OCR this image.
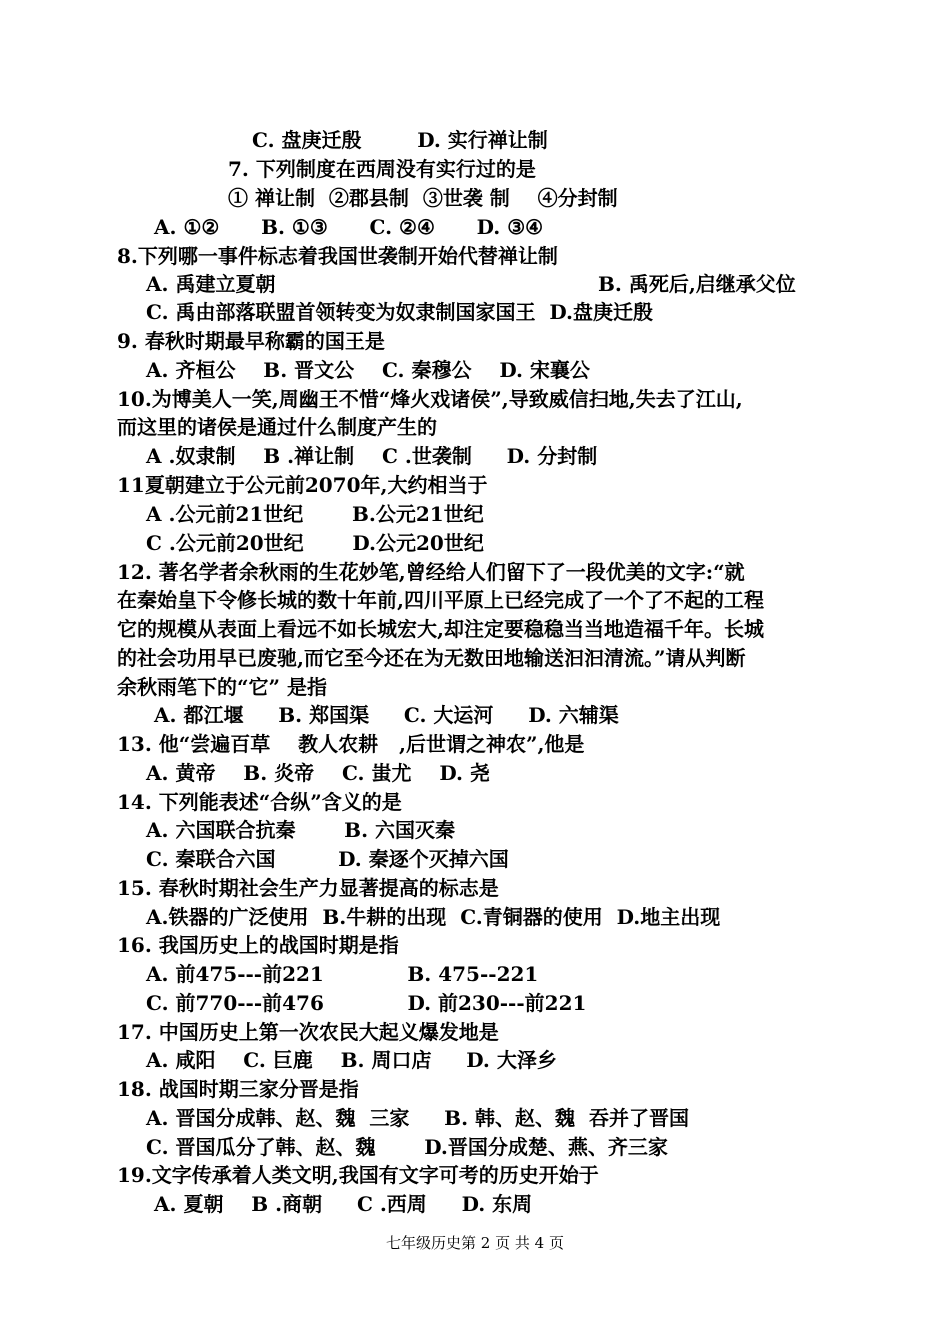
C. 盘庚迁殷        D. 实行禅让制
7. 下列制度在西周没有实行过的是
① 禅让制  ②郡县制  ③世袭 制    ④分封制
A. ①②      B. ①③      C. ②④      D. ③④
8.下列哪一事件标志着我国世袭制开始代替禅让制
A. 禹建立夏朝	B. 禹死后,启继承父位
C. 禹由部落联盟首领转变为奴隶制国家国王  D.盘庚迁殷
9. 春秋时期最早称霸的国王是
A. 齐桓公    B. 晋文公    C. 秦穆公    D. 宋襄公
10.为博美人一笑,周幽王不惜“烽火戏诸侯”,导致威信扫地,失去了江山,
而这里的诸侯是通过什么制度产生的
A .奴隶制    B .禅让制    C .世袭制     D. 分封制
11夏朝建立于公元前2070年,大约相当于
A .公元前21世纪       B.公元21世纪
C .公元前20世纪       D.公元20世纪
12. 著名学者余秋雨的生花妙笔,曾经给人们留下了一段优美的文字:“就
在秦始皇下令修长城的数十年前,四川平原上已经完成了一个了不起的工程
它的规模从表面上看远不如长城宏大,却注定要稳稳当当地造福千年。长城
的社会功用早已废驰,而它至今还在为无数田地输送汩汩清流。”请从判断
余秋雨笔下的“它” 是指
A. 都江堰     B. 郑国渠     C. 大运河     D. 六辅渠
13. 他“尝遍百草    教人农耕   ,后世谓之神农”,他是
A. 黄帝    B. 炎帝    C. 蚩尤    D. 尧
14. 下列能表述“合纵”含义的是
A. 六国联合抗秦       B. 六国灭秦
C. 秦联合六国         D. 秦逐个灭掉六国
15. 春秋时期社会生产力显著提高的标志是
A.铁器的广泛使用  B.牛耕的出现  C.青铜器的使用  D.地主出现
16. 我国历史上的战国时期是指
A. 前475---前221            B. 475--221
C. 前770---前476            D. 前230---前221
17. 中国历史上第一次农民大起义爆发地是
A. 咸阳    C. 巨鹿    B. 周口店     D. 大泽乡
18. 战国时期三家分晋是指
A. 晋国分成韩、赵、魏  三家     B. 韩、赵、魏  吞并了晋国
C. 晋国瓜分了韩、赵、魏       D.晋国分成楚、燕、齐三家
19.文字传承着人类文明,我国有文字可考的历史开始于
A. 夏朝    B .商朝     C .西周     D. 东周
七年级历史第 2 页 共 4 页
